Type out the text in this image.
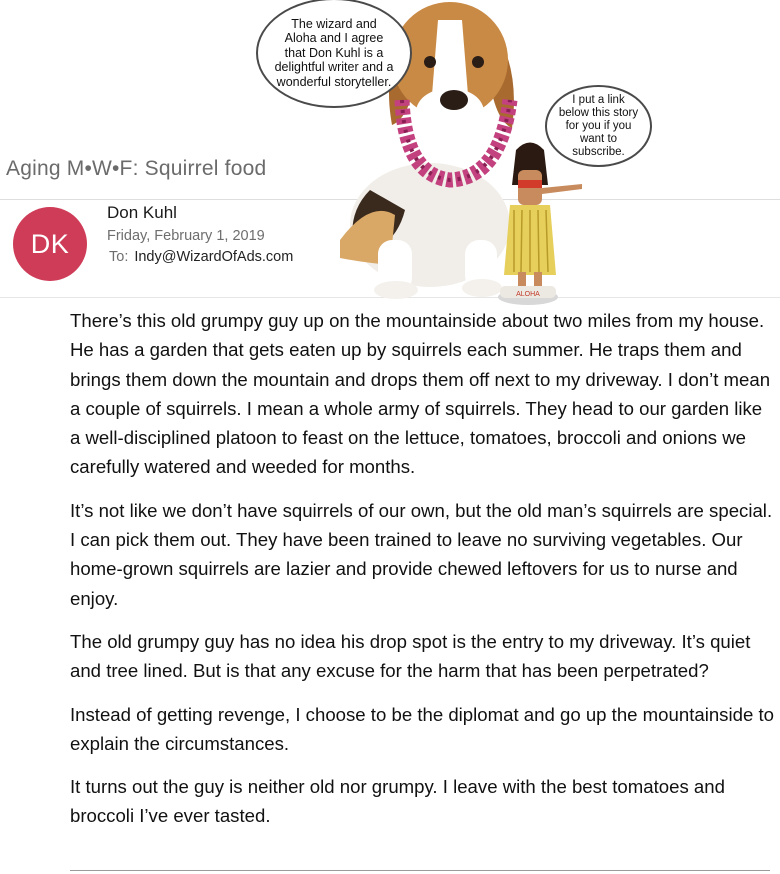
Aging M•W•F: Squirrel food
DK
Don Kuhl
Friday, February 1, 2019
To: Indy@WizardOfAds.com
ALOHA
The wizard and Aloha and I agree that Don Kuhl is a delightful writer and a wonderful storyteller.
I put a link below this story for you if you want to subscribe.

There’s this old grumpy guy up on the mountainside about two miles from my house. He has a garden that gets eaten up by squirrels each summer. He traps them and brings them down the mountain and drops them off next to my driveway. I don’t mean a couple of squirrels. I mean a whole army of squirrels. They head to our garden like a well-disciplined platoon to feast on the lettuce, tomatoes, broccoli and onions we carefully watered and weeded for months.

It’s not like we don’t have squirrels of our own, but the old man’s squirrels are special. I can pick them out. They have been trained to leave no surviving vegetables. Our home-grown squirrels are lazier and provide chewed leftovers for us to nurse and enjoy.

The old grumpy guy has no idea his drop spot is the entry to my driveway. It’s quiet and tree lined. But is that any excuse for the harm that has been perpetrated?

Instead of getting revenge, I choose to be the diplomat and go up the mountainside to explain the circumstances.

It turns out the guy is neither old nor grumpy. I leave with the best tomatoes and broccoli I’ve ever tasted.
